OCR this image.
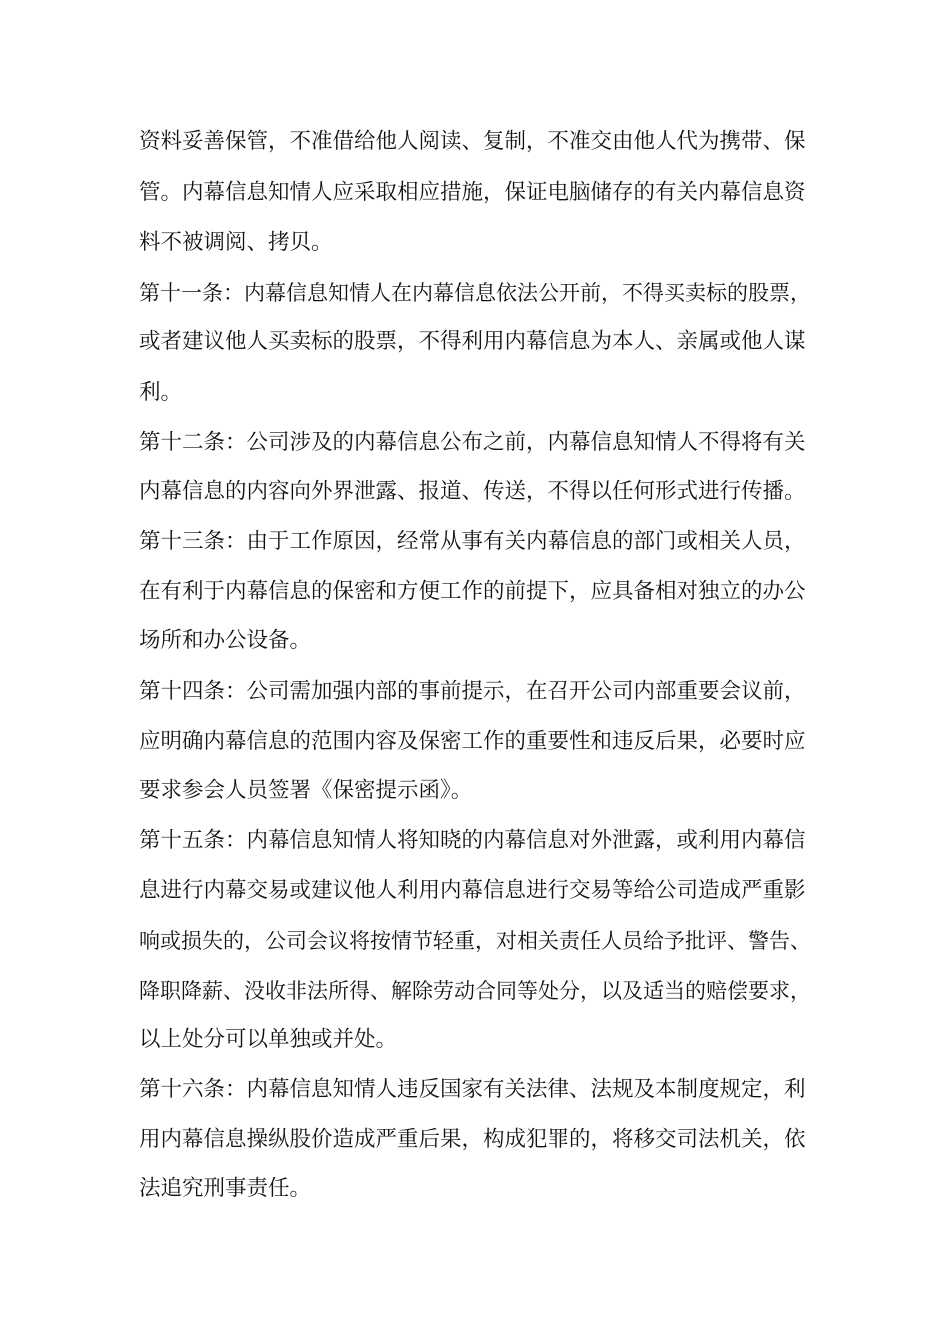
资料妥善保管，不准借给他人阅读、复制，不准交由他人代为携带、保
管。内幕信息知情人应采取相应措施，保证电脑储存的有关内幕信息资
料不被调阅、拷贝。
第十一条：内幕信息知情人在内幕信息依法公开前，不得买卖标的股票，
或者建议他人买卖标的股票，不得利用内幕信息为本人、亲属或他人谋
利。
第十二条：公司涉及的内幕信息公布之前，内幕信息知情人不得将有关
内幕信息的内容向外界泄露、报道、传送，不得以任何形式进行传播。
第十三条：由于工作原因，经常从事有关内幕信息的部门或相关人员，
在有利于内幕信息的保密和方便工作的前提下，应具备相对独立的办公
场所和办公设备。
第十四条：公司需加强内部的事前提示，在召开公司内部重要会议前，
应明确内幕信息的范围内容及保密工作的重要性和违反后果，必要时应
要求参会人员签署《保密提示函》。
第十五条：内幕信息知情人将知晓的内幕信息对外泄露，或利用内幕信
息进行内幕交易或建议他人利用内幕信息进行交易等给公司造成严重影
响或损失的，公司会议将按情节轻重，对相关责任人员给予批评、警告、
降职降薪、没收非法所得、解除劳动合同等处分，以及适当的赔偿要求，
以上处分可以单独或并处。
第十六条：内幕信息知情人违反国家有关法律、法规及本制度规定，利
用内幕信息操纵股价造成严重后果，构成犯罪的，将移交司法机关，依
法追究刑事责任。
